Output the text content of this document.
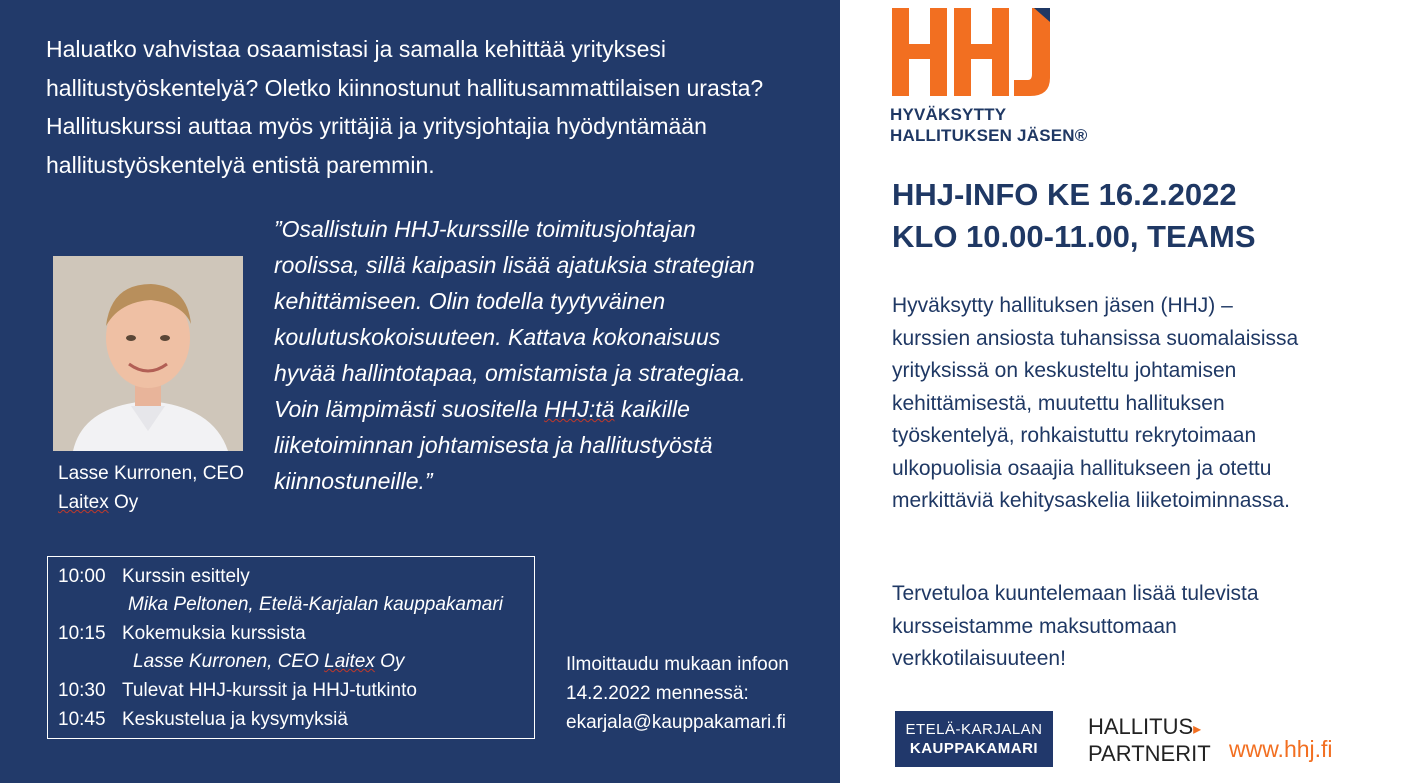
Haluatko vahvistaa osaamistasi ja samalla kehittää yrityksesi hallitustyöskentelyä? Oletko kiinnostunut hallitusammattilaisen urasta? Hallituskurssi auttaa myös yrittäjiä ja yritysjohtajia hyödyntämään hallitustyöskentelyä entistä paremmin.

Lasse Kurronen, CEO
Laitex Oy

”Osallistuin HHJ-kurssille toimitusjohtajan roolissa, sillä kaipasin lisää ajatuksia strategian kehittämiseen. Olin todella tyytyväinen koulutuskokoisuuteen. Kattava kokonaisuus hyvää hallintotapaa, omistamista ja strategiaa. Voin lämpimästi suositella HHJ:tä kaikille liiketoiminnan johtamisesta ja hallitustyöstä kiinnostuneille.”

10:00 Kurssin esittely
Mika Peltonen, Etelä-Karjalan kauppakamari
10:15 Kokemuksia kurssista
Lasse Kurronen, CEO Laitex Oy
10:30 Tulevat HHJ-kurssit ja HHJ-tutkinto
10:45 Keskustelua ja kysymyksiä
Ilmoittaudu mukaan infoon
14.2.2022 mennessä:
ekarjala@kauppakamari.fi
HYVÄKSYTTY
HALLITUKSEN JÄSEN®
HHJ-INFO KE 16.2.2022
KLO 10.00-11.00, TEAMS

Hyväksytty hallituksen jäsen (HHJ) – kurssien ansiosta tuhansissa suomalaisissa yrityksissä on keskusteltu johtamisen kehittämisestä, muutettu hallituksen työskentelyä, rohkaistuttu rekrytoimaan ulkopuolisia osaajia hallitukseen ja otettu merkittäviä kehitysaskelia liiketoiminnassa.

Tervetuloa kuuntelemaan lisää tulevista kursseistamme maksuttomaan verkkotilaisuuteen!

ETELÄ-KARJALAN
KAUPPAKAMARI
HALLITUS▸
PARTNERIT www.hhj.fi
